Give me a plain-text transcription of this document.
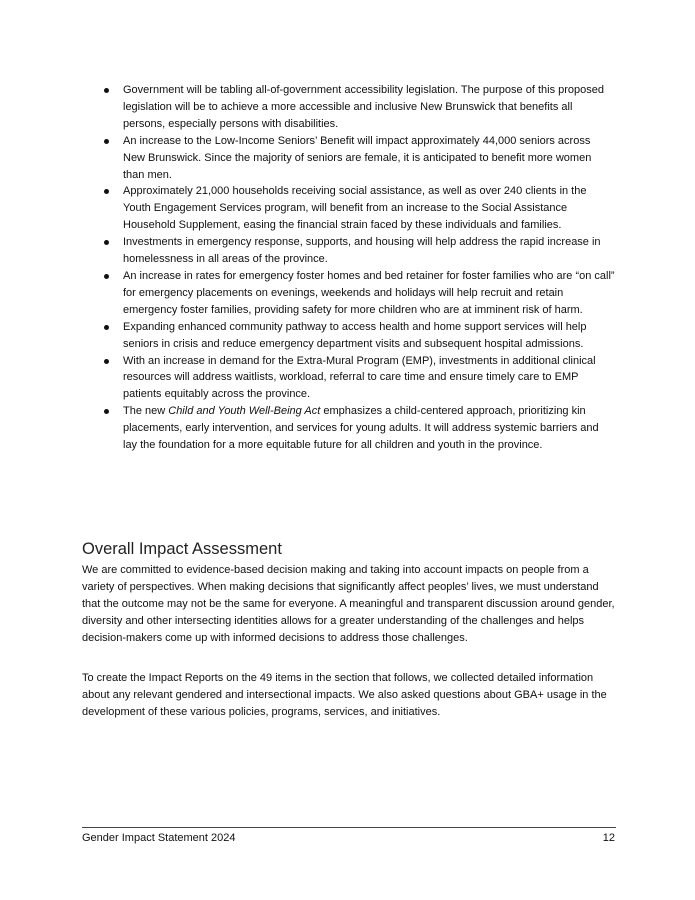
Government will be tabling all-of-government accessibility legislation. The purpose of this proposed legislation will be to achieve a more accessible and inclusive New Brunswick that benefits all persons, especially persons with disabilities.
An increase to the Low-Income Seniors’ Benefit will impact approximately 44,000 seniors across New Brunswick. Since the majority of seniors are female, it is anticipated to benefit more women than men.
Approximately 21,000 households receiving social assistance, as well as over 240 clients in the Youth Engagement Services program, will benefit from an increase to the Social Assistance Household Supplement, easing the financial strain faced by these individuals and families.
Investments in emergency response, supports, and housing will help address the rapid increase in homelessness in all areas of the province.
An increase in rates for emergency foster homes and bed retainer for foster families who are “on call” for emergency placements on evenings, weekends and holidays will help recruit and retain emergency foster families, providing safety for more children who are at imminent risk of harm.
Expanding enhanced community pathway to access health and home support services will help seniors in crisis and reduce emergency department visits and subsequent hospital admissions.
With an increase in demand for the Extra-Mural Program (EMP), investments in additional clinical resources will address waitlists, workload, referral to care time and ensure timely care to EMP patients equitably across the province.
The new Child and Youth Well-Being Act emphasizes a child-centered approach, prioritizing kin placements, early intervention, and services for young adults. It will address systemic barriers and lay the foundation for a more equitable future for all children and youth in the province.
Overall Impact Assessment

We are committed to evidence-based decision making and taking into account impacts on people from a variety of perspectives. When making decisions that significantly affect peoples’ lives, we must understand that the outcome may not be the same for everyone. A meaningful and transparent discussion around gender, diversity and other intersecting identities allows for a greater understanding of the challenges and helps decision-makers come up with informed decisions to address those challenges.

To create the Impact Reports on the 49 items in the section that follows, we collected detailed information about any relevant gendered and intersectional impacts. We also asked questions about GBA+ usage in the development of these various policies, programs, services, and initiatives.

Gender Impact Statement 2024	12
